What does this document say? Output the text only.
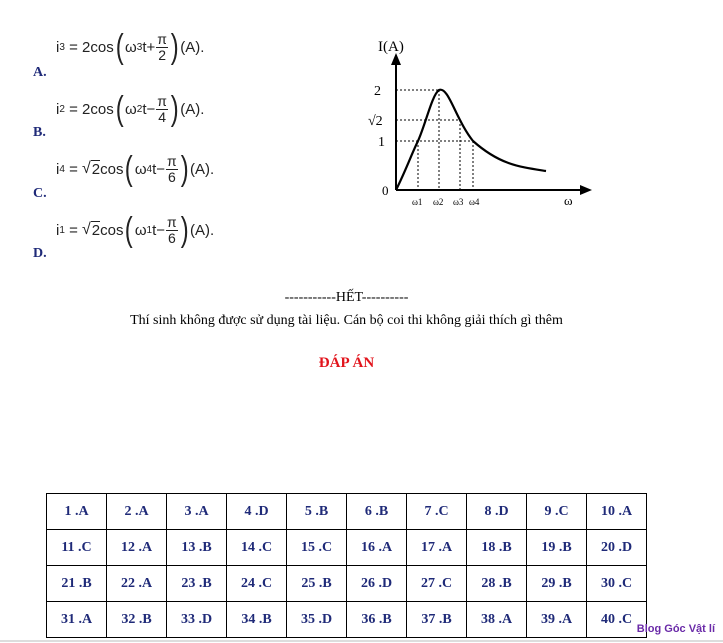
A.
i 3 = 2 cos ( ω 3 $t + \frac{\pi}{2}$ ) (A).
B.
i 2 = 2 cos ( ω 2 $t - \frac{\pi}{4}$ ) (A).
C.
i 4 = √ 2 cos ( ω 4 $t - \frac{\pi}{6}$ ) (A).
D.
i 1 = √ 2 cos ( ω 1 $t - \frac{\pi}{6}$ ) (A).
I(A)
0
2
√2
1
ω1 ω2 ω3 ω4	ω
-----------HẾT----------
Thí sinh không được sử dụng tài liệu. Cán bộ coi thi không giải thích gì thêm
ĐÁP ÁN
1 .A	2 .A	3 .A	4 .D	5 .B	6 .B	7 .C	8 .D	9 .C	10 .A
11 .C	12 .A	13 .B	14 .C	15 .C	16 .A	17 .A	18 .B	19 .B	20 .D
21 .B	22 .A	23 .B	24 .C	25 .B	26 .D	27 .C	28 .B	29 .B	30 .C
31 .A	32 .B	33 .D	34 .B	35 .D	36 .B	37 .B	38 .A	39 .A	40 .C
Blog Góc Vật lí
